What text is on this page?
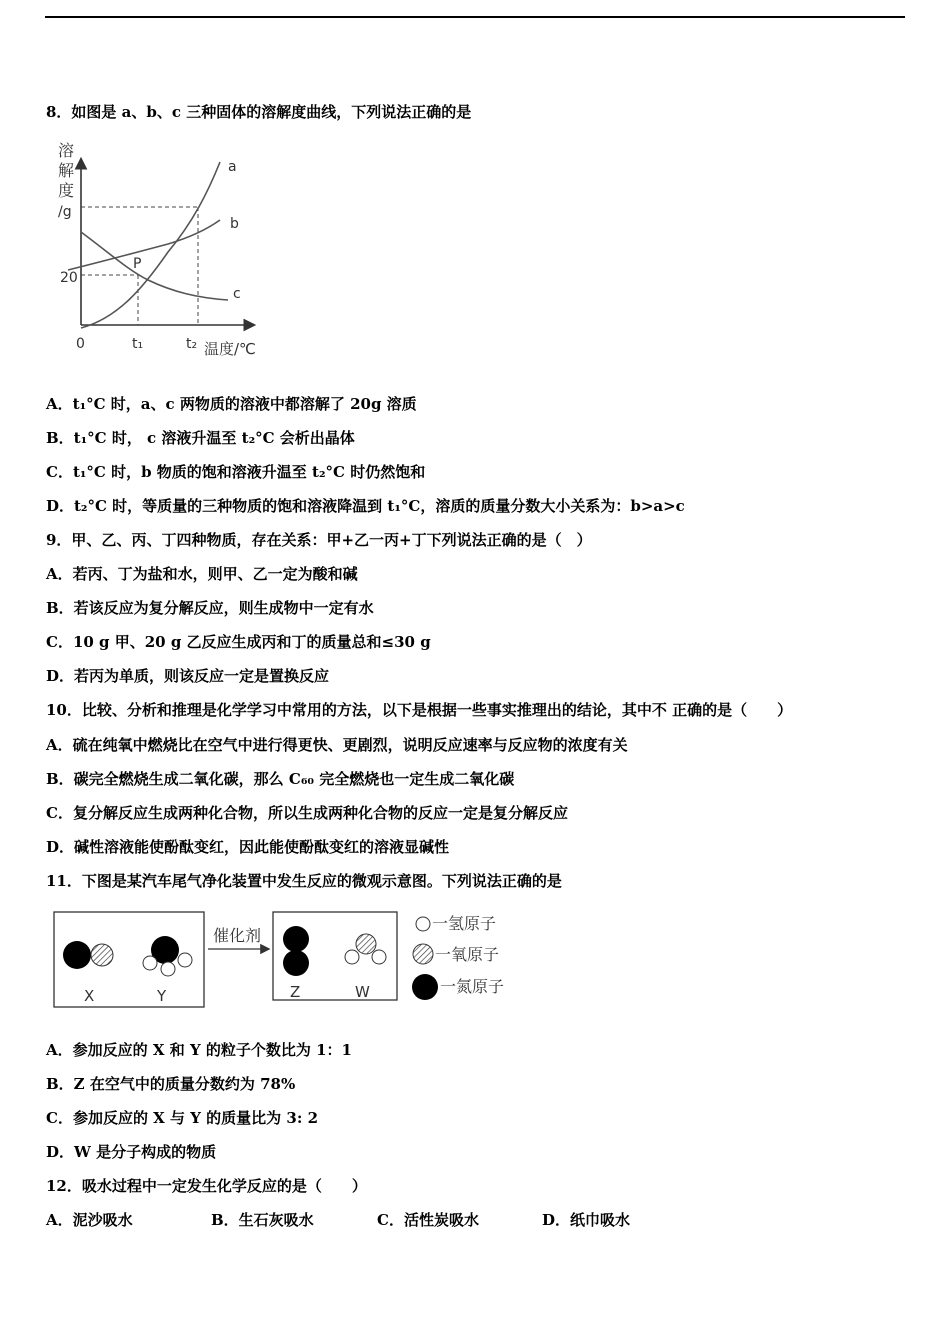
8．如图是 a、b、c 三种固体的溶解度曲线，下列说法正确的是
溶
解
度
/g
20
0	t₁	t₂ 温度/℃
P
a
b
c
A．t₁°C 时，a、c 两物质的溶液中都溶解了 20g 溶质
B．t₁°C 时， c 溶液升温至 t₂°C 会析出晶体
C．t₁°C 时，b 物质的饱和溶液升温至 t₂°C 时仍然饱和
D．t₂°C 时，等质量的三种物质的饱和溶液降温到 t₁°C，溶质的质量分数大小关系为：b>a>c
9．甲、乙、丙、丁四种物质，存在关系：甲+乙一丙+丁下列说法正确的是（　）
A．若丙、丁为盐和水，则甲、乙一定为酸和碱
B．若该反应为复分解反应，则生成物中一定有水
C．10 g 甲、20 g 乙反应生成丙和丁的质量总和≤30 g
D．若丙为单质，则该反应一定是置换反应
10．比较、分析和推理是化学学习中常用的方法，以下是根据一些事实推理出的结论，其中不 正确的是（　　）
A．硫在纯氧中燃烧比在空气中进行得更快、更剧烈，说明反应速率与反应物的浓度有关
B．碳完全燃烧生成二氧化碳，那么 C₆₀ 完全燃烧也一定生成二氧化碳
C．复分解反应生成两种化合物，所以生成两种化合物的反应一定是复分解反应
D．碱性溶液能使酚酞变红，因此能使酚酞变红的溶液显碱性
11．下图是某汽车尾气净化装置中发生反应的微观示意图。下列说法正确的是
X	Y
催化剂
Z	W
一氢原子
一氧原子
一氮原子
A．参加反应的 X 和 Y 的粒子个数比为 1：1
B．Z 在空气中的质量分数约为 78%
C．参加反应的 X 与 Y 的质量比为 3: 2
D．W 是分子构成的物质
12．吸水过程中一定发生化学反应的是（　　）
A．泥沙吸水	B．生石灰吸水	C．活性炭吸水	D．纸巾吸水
